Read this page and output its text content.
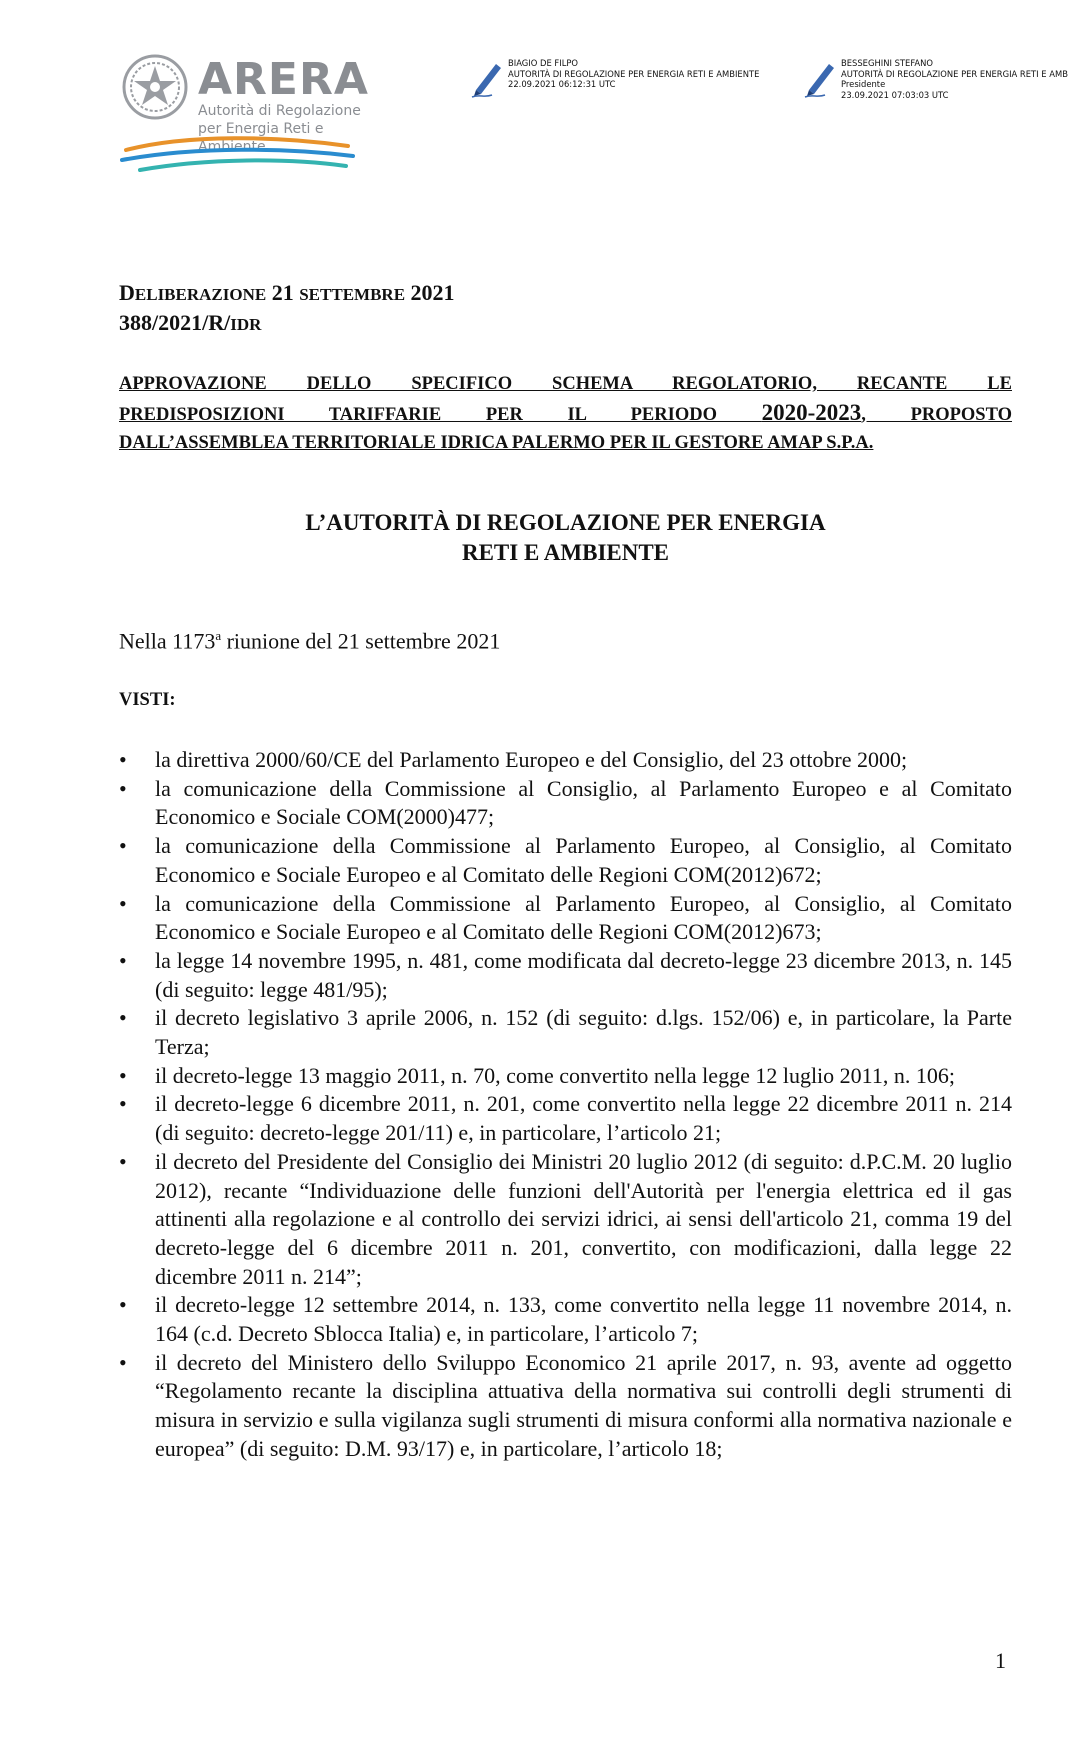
ARERA
Autorità di Regolazione
per Energia Reti e Ambiente
BIAGIO DE FILPO
AUTORITÀ DI REGOLAZIONE PER ENERGIA RETI E AMBIENTE
22.09.2021 06:12:31 UTC
BESSEGHINI STEFANO
AUTORITÀ DI REGOLAZIONE PER ENERGIA RETI E AMB
Presidente
23.09.2021 07:03:03 UTC
DELIBERAZIONE 21 SETTEMBRE 2021
388/2021/R/IDR
APPROVAZIONE DELLO SPECIFICO SCHEMA REGOLATORIO, RECANTE LE
PREDISPOSIZIONI TARIFFARIE PER IL PERIODO 2020-2023, PROPOSTO
DALL’ASSEMBLEA TERRITORIALE IDRICA PALERMO PER IL GESTORE AMAP S.P.A.
L’AUTORITÀ DI REGOLAZIONE PER ENERGIA
RETI E AMBIENTE
Nella 1173$^a$ riunione del 21 settembre 2021
VISTI:
• la direttiva 2000/60/CE del Parlamento Europeo e del Consiglio, del 23 ottobre 2000;
• la comunicazione della Commissione al Consiglio, al Parlamento Europeo e al Comitato Economico e Sociale COM(2000)477;
• la comunicazione della Commissione al Parlamento Europeo, al Consiglio, al Comitato Economico e Sociale Europeo e al Comitato delle Regioni COM(2012)672;
• la comunicazione della Commissione al Parlamento Europeo, al Consiglio, al Comitato Economico e Sociale Europeo e al Comitato delle Regioni COM(2012)673;
• la legge 14 novembre 1995, n. 481, come modificata dal decreto-legge 23 dicembre 2013, n. 145 (di seguito: legge 481/95);
• il decreto legislativo 3 aprile 2006, n. 152 (di seguito: d.lgs. 152/06) e, in particolare, la Parte Terza;
• il decreto-legge 13 maggio 2011, n. 70, come convertito nella legge 12 luglio 2011, n. 106;
• il decreto-legge 6 dicembre 2011, n. 201, come convertito nella legge 22 dicembre 2011 n. 214 (di seguito: decreto-legge 201/11) e, in particolare, l’articolo 21;
• il decreto del Presidente del Consiglio dei Ministri 20 luglio 2012 (di seguito: d.P.C.M. 20 luglio 2012), recante “Individuazione delle funzioni dell'Autorità per l'energia elettrica ed il gas attinenti alla regolazione e al controllo dei servizi idrici, ai sensi dell'articolo 21, comma 19 del decreto-legge del 6 dicembre 2011 n. 201, convertito, con modificazioni, dalla legge 22 dicembre 2011 n. 214”;
• il decreto-legge 12 settembre 2014, n. 133, come convertito nella legge 11 novembre 2014, n. 164 (c.d. Decreto Sblocca Italia) e, in particolare, l’articolo 7;
• il decreto del Ministero dello Sviluppo Economico 21 aprile 2017, n. 93, avente ad oggetto “Regolamento recante la disciplina attuativa della normativa sui controlli degli strumenti di misura in servizio e sulla vigilanza sugli strumenti di misura conformi alla normativa nazionale e europea” (di seguito: D.M. 93/17) e, in particolare, l’articolo 18;
1
